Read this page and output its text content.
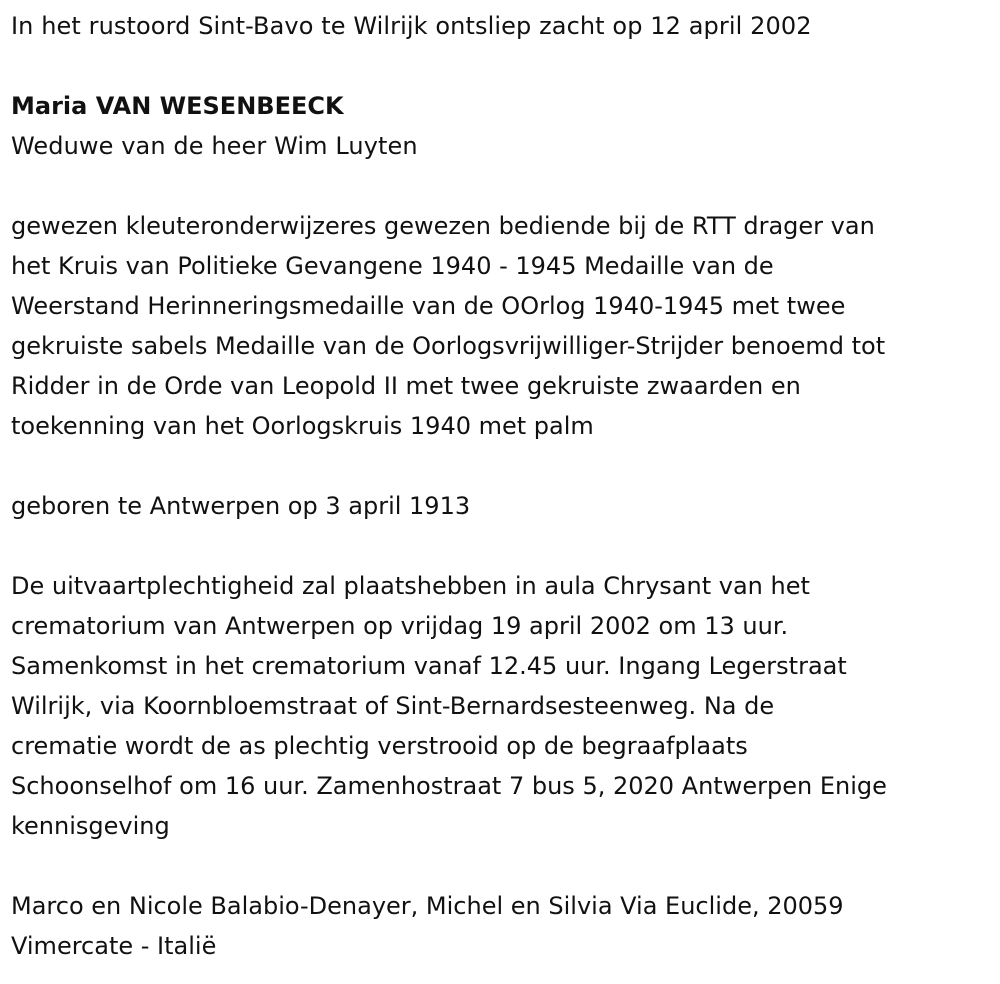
In het rustoord Sint-Bavo te Wilrijk ontsliep zacht op 12 april 2002

Maria VAN WESENBEECK

Weduwe van de heer Wim Luyten

gewezen kleuteronderwijzeres gewezen bediende bij de RTT drager van
het Kruis van Politieke Gevangene 1940 - 1945 Medaille van de
Weerstand Herinneringsmedaille van de OOrlog 1940-1945 met twee
gekruiste sabels Medaille van de Oorlogsvrijwilliger-Strijder benoemd tot
Ridder in de Orde van Leopold II met twee gekruiste zwaarden en
toekenning van het Oorlogskruis 1940 met palm
geboren te Antwerpen op 3 april 1913
De uitvaartplechtigheid zal plaatshebben in aula Chrysant van het
crematorium van Antwerpen op vrijdag 19 april 2002 om 13 uur.
Samenkomst in het crematorium vanaf 12.45 uur. Ingang Legerstraat
Wilrijk, via Koornbloemstraat of Sint-Bernardsesteenweg. Na de
crematie wordt de as plechtig verstrooid op de begraafplaats
Schoonselhof om 16 uur. Zamenhostraat 7 bus 5, 2020 Antwerpen Enige
kennisgeving
Marco en Nicole Balabio-Denayer, Michel en Silvia Via Euclide, 20059
Vimercate - Italië
